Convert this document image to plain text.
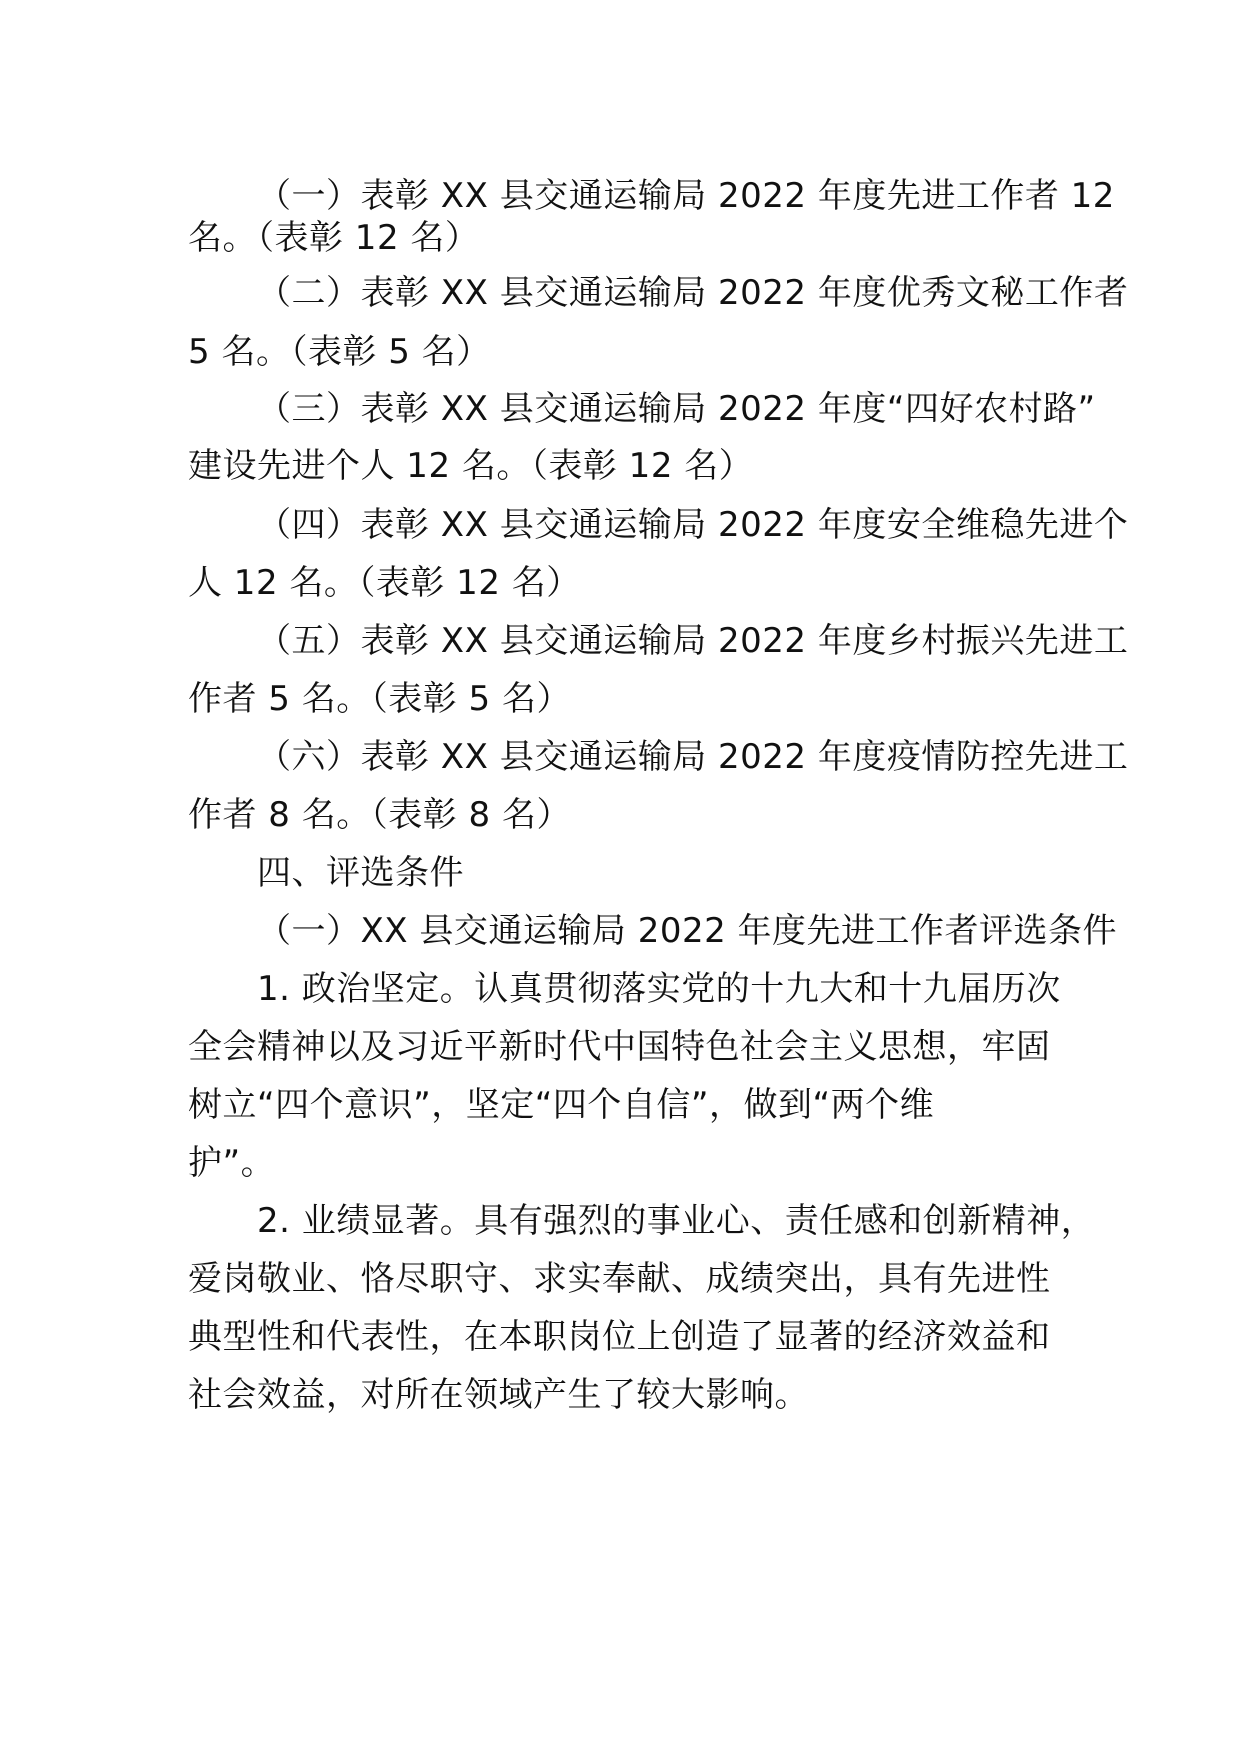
（一）表彰 XX 县交通运输局 2022 年度先进工作者 12
名。（表彰 12 名）
（二）表彰 XX 县交通运输局 2022 年度优秀文秘工作者
5 名。（表彰 5 名）
（三）表彰 XX 县交通运输局 2022 年度“四好农村路”
建设先进个人 12 名。（表彰 12 名）
（四）表彰 XX 县交通运输局 2022 年度安全维稳先进个
人 12 名。（表彰 12 名）
（五）表彰 XX 县交通运输局 2022 年度乡村振兴先进工
作者 5 名。（表彰 5 名）
（六）表彰 XX 县交通运输局 2022 年度疫情防控先进工
作者 8 名。（表彰 8 名）
四、评选条件
（一）XX 县交通运输局 2022 年度先进工作者评选条件
1. 政治坚定。认真贯彻落实党的十九大和十九届历次
全会精神以及习近平新时代中国特色社会主义思想，牢固
树立“四个意识”，坚定“四个自信”，做到“两个维
护”。
2. 业绩显著。具有强烈的事业心、责任感和创新精神，
爱岗敬业、恪尽职守、求实奉献、成绩突出，具有先进性
典型性和代表性，在本职岗位上创造了显著的经济效益和
社会效益，对所在领域产生了较大影响。
